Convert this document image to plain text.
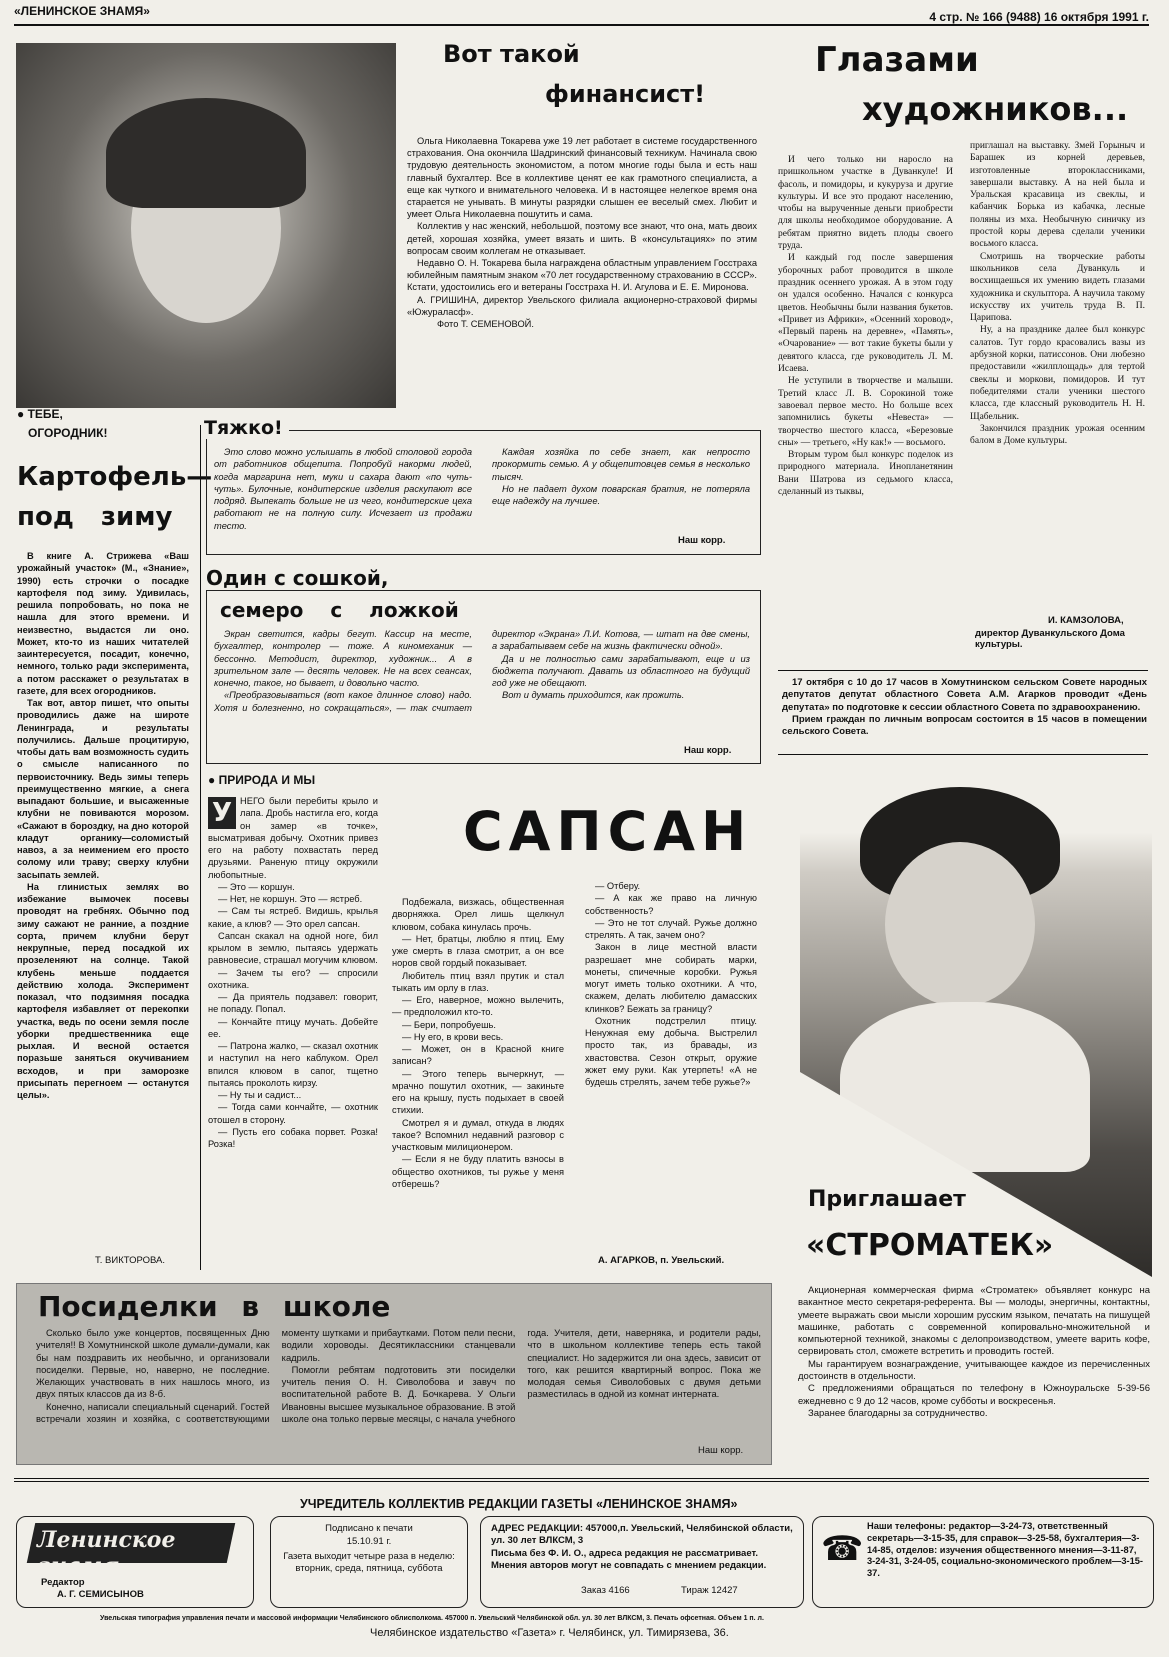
«ЛЕНИНСКОЕ ЗНАМЯ»	4 стр. № 166 (9488) 16 октября 1991 г.
Вот такой
финансист!

Ольга Николаевна Токарева уже 19 лет работает в системе государственного страхования. Она окончила Шадринский финансовый техникум. Начинала свою трудовую деятельность экономистом, а потом многие годы была и есть наш главный бухгалтер. Все в коллективе ценят ее как грамотного специалиста, а еще как чуткого и внимательного человека. И в настоящее нелегкое время она старается не унывать. В минуты разрядки слышен ее веселый смех. Любит и умеет Ольга Николаевна пошутить и сама.

Коллектив у нас женский, небольшой, поэтому все знают, что она, мать двоих детей, хорошая хозяйка, умеет вязать и шить. В «консультациях» по этим вопросам своим коллегам не отказывает.

Недавно О. Н. Токарева была награждена областным управлением Госстраха юбилейным памятным знаком «70 лет государственному страхованию в СССР». Кстати, удостоились его и ветераны Госстраха Н. И. Агулова и Е. Е. Миронова.

А. ГРИШИНА, директор Увельского филиала акционерно-страховой фирмы «Южураласф».

Фото Т. СЕМЕНОВОЙ.

Глазами
художников...

И чего только ни наросло на пришкольном участке в Дуванкуле! И фасоль, и помидоры, и кукуруза и другие культуры. И все это продают населению, чтобы на вырученные деньги приобрести для школы необходимое оборудование. А ребятам приятно видеть плоды своего труда.

И каждый год после завершения уборочных работ проводится в школе праздник осеннего урожая. А в этом году он удался особенно. Начался с конкурса цветов. Необычны были названия букетов. «Привет из Африки», «Осенний хоровод», «Первый парень на деревне», «Память», «Очарование» — вот такие букеты были у девятого класса, где руководитель Л. М. Исаева.

Не уступили в творчестве и малыши. Третий класс Л. В. Сорокиной тоже завоевал первое место. Но больше всех запомнились букеты «Невеста» — творчество шестого класса, «Березовые сны» — третьего, «Ну как!» — восьмого.

Вторым туром был конкурс поделок из природного материала. Инопланетянин Вани Шатрова из седьмого класса, сделанный из тыквы,

приглашал на выставку. Змей Горыныч и Барашек из корней деревьев, изготовленные второклассниками, завершали выставку. А на ней была и Уральская красавица из свеклы, и кабанчик Борька из кабачка, лесные поляны из мха. Необычную синичку из простой коры дерева сделали ученики восьмого класса.

Смотришь на творческие работы школьников села Дуванкуль и восхищаешься их умению видеть глазами художника и скульптора. А научила такому искусству их учитель труда В. П. Царипова.

Ну, а на празднике далее был конкурс салатов. Тут гордо красовались вазы из арбузной корки, патиссонов. Они любезно предоставили «жилплощадь» для тертой свеклы и моркови, помидоров. И тут победителями стали ученики шестого класса, где классный руководитель Н. Н. Щабельник.

Закончился праздник урожая осенним балом в Доме культуры.

И. КАМЗОЛОВА,
директор Дуванкульского Дома культуры.
17 октября с 10 до 17 часов в Хомутнинском сельском Совете народных депутатов депутат областного Совета А.М. Агарков проводит «День депутата» по подготовке к сессии областного Совета по здравоохранению.
Прием граждан по личным вопросам состоится в 15 часов в помещении сельского Совета.
● ТЕБЕ,
ОГОРОДНИК!
Картофель—
под зиму

В книге А. Стрижева «Ваш урожайный участок» (М., «Знание», 1990) есть строчки о посадке картофеля под зиму. Удивилась, решила попробовать, но пока не нашла для этого времени. И неизвестно, выдастся ли оно. Может, кто-то из наших читателей заинтересуется, посадит, конечно, немного, только ради эксперимента, а потом расскажет о результатах в газете, для всех огородников.

Так вот, автор пишет, что опыты проводились даже на широте Ленинграда, и результаты получились. Дальше процитирую, чтобы дать вам возможность судить о смысле написанного по первоисточнику. Ведь зимы теперь преимущественно мягкие, а снега выпадают большие, и высаженные клубни не повиваются морозом. «Сажают в бороздку, на дно которой кладут органику—соломистый навоз, а за неимением его просто солому или траву; сверху клубни засыпать землей.

На глинистых землях во избежание вымочек посевы проводят на гребнях. Обычно под зиму сажают не ранние, а поздние сорта, причем клубни берут некрупные, перед посадкой их прозеленяют на солнце. Такой клубень меньше поддается действию холода. Эксперимент показал, что подзимняя посадка картофеля избавляет от перекопки участка, ведь по осени земля после уборки предшественника еще рыхлая. И весной остается поразьше заняться окучиванием всходов, и при заморозке присыпать перегноем — останутся целы».

Т. ВИКТОРОВА.
Тяжко!

Это слово можно услышать в любой столовой города от работников общепита. Попробуй накорми людей, когда маргарина нет, муки и сахара дают «по чуть-чуть». Булочные, кондитерские изделия раскупают все подряд. Выпекать больше не из чего, кондитерские цеха работают не на полную силу. Исчезает из продажи тесто.

Каждая хозяйка по себе знает, как непросто прокормить семью. А у общепитовцев семья в несколько тысяч.

Но не падает духом поварская братия, не потеряла еще надежду на лучшее.

Наш корр.
Один с сошкой,
семеро с ложкой

Экран светится, кадры бегут. Кассир на месте, бухгалтер, контролер — тоже. А киномеханик — бессонно. Методист, директор, художник... А в зрительном зале — десять человек. Не на всех сеансах, конечно, такое, но бывает, и довольно часто.

«Преобразовываться (вот какое длинное слово) надо. Хотя и болезненно, но сокращаться», — так считает директор «Экрана» Л.И. Котова, — штат на две смены, а зарабатываем себе на жизнь фактически одной».

Да и не полностью сами зарабатывают, еще и из бюджета получают. Давать из областного на будущий год уже не обещают.

Вот и думать приходится, как прожить.

Наш корр.
● ПРИРОДА И МЫ
САПСАН

У НЕГО были перебиты крыло и лапа. Дробь настигла его, когда он замер «в точке», высматривая добычу. Охотник привез его на работу похвастать перед друзьями. Раненую птицу окружили любопытные.

— Это — коршун.

— Нет, не коршун. Это — ястреб.

— Сам ты ястреб. Видишь, крылья какие, а клюв? — Это орел сапсан.

Сапсан скакал на одной ноге, бил крылом в землю, пытаясь удержать равновесие, страшал могучим клювом.

— Зачем ты его? — спросили охотника.

— Да приятель подзавел: говорит, не попаду. Попал.

— Кончайте птицу мучать. Добейте ее.

— Патрона жалко, — сказал охотник и наступил на него каблуком. Орел впился клювом в сапог, тщетно пытаясь проколоть кирзу.

— Ну ты и садист...

— Тогда сами кончайте, — охотник отошел в сторону.

— Пусть его собака порвет. Розка! Розка!

Подбежала, визжась, общественная дворняжка. Орел лишь щелкнул клювом, собака кинулась прочь.

— Нет, братцы, люблю я птиц. Ему уже смерть в глаза смотрит, а он все норов свой гордый показывает.

Любитель птиц взял прутик и стал тыкать им орлу в глаз.

— Его, наверное, можно вылечить, — предположил кто-то.

— Бери, попробуешь.

— Ну его, в крови весь.

— Может, он в Красной книге записан?

— Этого теперь вычеркнут, — мрачно пошутил охотник, — закиньте его на крышу, пусть подыхает в своей стихии.

Смотрел я и думал, откуда в людях такое? Вспомнил недавний разговор с участковым милиционером.

— Если я не буду платить взносы в общество охотников, ты ружье у меня отберешь?

— Отберу.

— А как же право на личную собственность?

— Это не тот случай. Ружье должно стрелять. А так, зачем оно?

Закон в лице местной власти разрешает мне собирать марки, монеты, спичечные коробки. Ружья могут иметь только охотники. А что, скажем, делать любителю дамасских клинков? Бежать за границу?

Охотник подстрелил птицу. Ненужная ему добыча. Выстрелил просто так, из бравады, из хвастовства. Сезон открыт, оружие жжет ему руки. Как утерпеть! «А не будешь стрелять, зачем тебе ружье?»

А. АГАРКОВ, п. Увельский.
Приглашает
«СТРОМАТЕК»

Акционерная коммерческая фирма «Строматек» объявляет конкурс на вакантное место секретаря-референта. Вы — молоды, энергичны, контактны, умеете выражать свои мысли хорошим русским языком, печатать на пишущей машинке, работать с современной копировально-множительной и компьютерной техникой, знакомы с делопроизводством, умеете варить кофе, сервировать стол, сможете встретить и проводить гостей.

Мы гарантируем вознаграждение, учитывающее каждое из перечисленных достоинств в отдельности.

С предложениями обращаться по телефону в Южноуральске 5-39-56 ежедневно с 9 до 12 часов, кроме субботы и воскресенья.

Заранее благодарны за сотрудничество.

Посиделки в школе

Сколько было уже концертов, посвященных Дню учителя!! В Хомутнинской школе думали-думали, как бы нам поздравить их необычно, и организовали посиделки. Первые, но, наверно, не последние. Желающих участвовать в них нашлось много, из двух пятых классов да из 8-б.

Конечно, написали специальный сценарий. Гостей встречали хозяин и хозяйка, с соответствующими моменту шутками и прибаутками. Потом пели песни, водили хороводы. Десятиклассники станцевали кадриль.

Помогли ребятам подготовить эти посиделки учитель пения О. Н. Сиволобова и завуч по воспитательной работе В. Д. Бочкарева. У Ольги Ивановны высшее музыкальное образование. В этой школе она только первые месяцы, с начала учебного года. Учителя, дети, наверняка, и родители рады, что в школьном коллективе теперь есть такой специалист. Но задержится ли она здесь, зависит от того, как решится квартирный вопрос. Пока же молодая семья Сиволобовых с двумя детьми разместилась в одной из комнат интерната.

Наш корр.
УЧРЕДИТЕЛЬ КОЛЛЕКТИВ РЕДАКЦИИ ГАЗЕТЫ «ЛЕНИНСКОЕ ЗНАМЯ»
Ленинское знамя
Редактор
А. Г. СЕМИСЫНОВ
Подписано к печати
15.10.91 г.
Газета выходит четыре раза в неделю: вторник, среда, пятница, суббота
АДРЕС РЕДАКЦИИ: 457000,п. Увельский, Челябинской области, ул. 30 лет ВЛКСМ, 3
Письма без Ф. И. О., адреса редакция не рассматривает. Мнения авторов могут не совпадать с мнением редакции.
Заказ 4166	Тираж 12427
☎
Наши телефоны: редактор—3-24-73, ответственный секретарь—3-15-35, для справок—3-25-58, бухгалтерия—3-14-85, отделов: изучения общественного мнения—3-11-87, 3-24-31, 3-24-05, социально-экономического проблем—3-15-37.
Увельская типография управления печати и массовой информации Челябинского облисполкома. 457000 п. Увельский Челябинской обл. ул. 30 лет ВЛКСМ, 3. Печать офсетная. Объем 1 п. л.
Челябинское издательство «Газета» г. Челябинск, ул. Тимирязева, 36.
